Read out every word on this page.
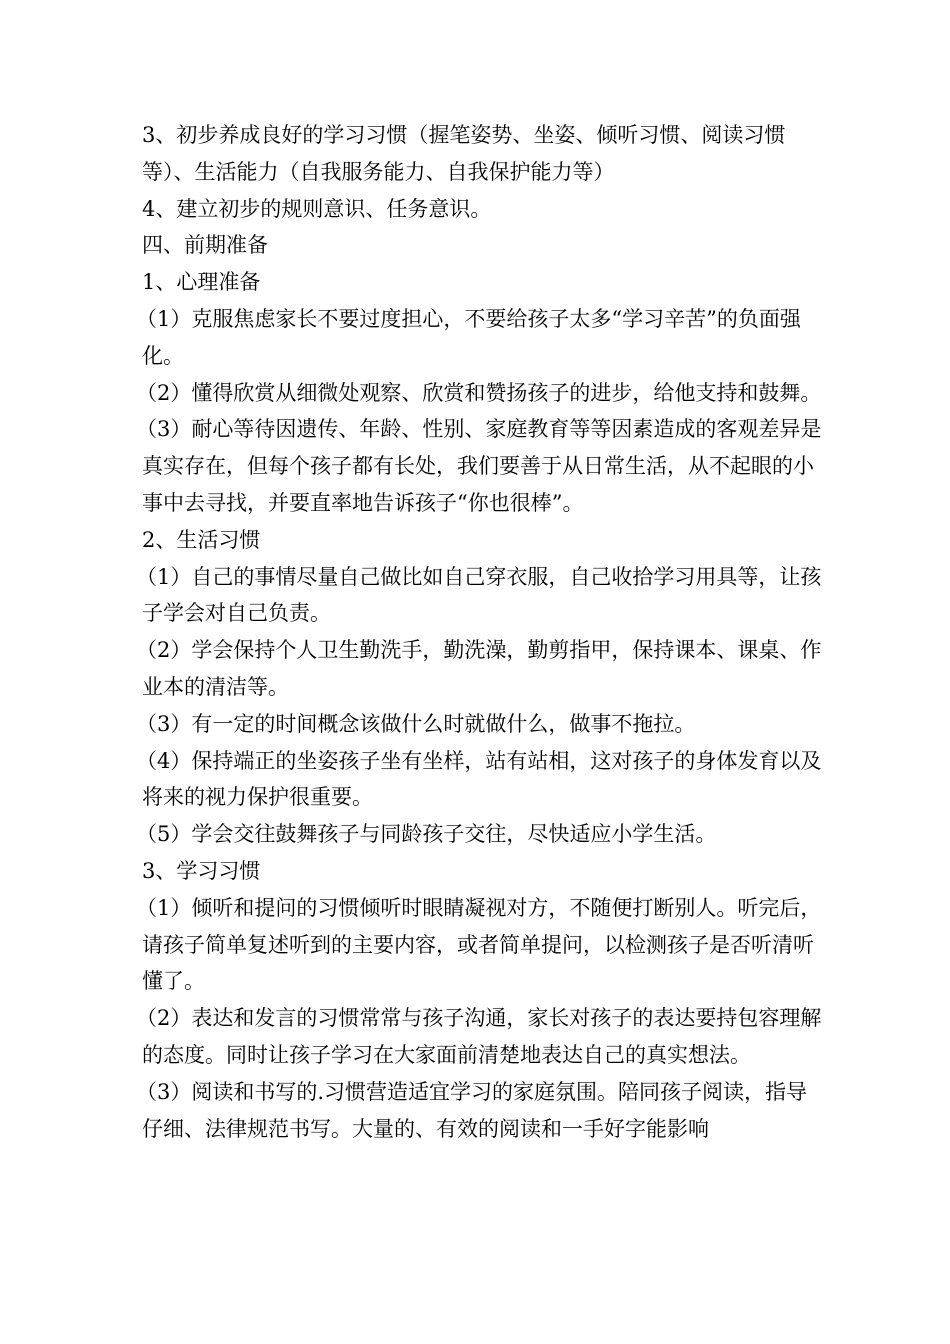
3、初步养成良好的学习习惯（握笔姿势、坐姿、倾听习惯、阅读习惯等）、生活能力（自我服务能力、自我保护能力等）

4、建立初步的规则意识、任务意识。

四、前期准备

1、心理准备

（1）克服焦虑家长不要过度担心，不要给孩子太多“学习辛苦”的负面强化。

（2）懂得欣赏从细微处观察、欣赏和赞扬孩子的进步，给他支持和鼓舞。

（3）耐心等待因遗传、年龄、性别、家庭教育等等因素造成的客观差异是真实存在，但每个孩子都有长处，我们要善于从日常生活，从不起眼的小事中去寻找，并要直率地告诉孩子“你也很棒”。

2、生活习惯

（1）自己的事情尽量自己做比如自己穿衣服，自己收拾学习用具等，让孩子学会对自己负责。

（2）学会保持个人卫生勤洗手，勤洗澡，勤剪指甲，保持课本、课桌、作业本的清洁等。

（3）有一定的时间概念该做什么时就做什么，做事不拖拉。

（4）保持端正的坐姿孩子坐有坐样，站有站相，这对孩子的身体发育以及将来的视力保护很重要。

（5）学会交往鼓舞孩子与同龄孩子交往，尽快适应小学生活。

3、学习习惯

（1）倾听和提问的习惯倾听时眼睛凝视对方，不随便打断别人。听完后，请孩子简单复述听到的主要内容，或者简单提问，以检测孩子是否听清听懂了。

（2）表达和发言的习惯常常与孩子沟通，家长对孩子的表达要持包容理解的态度。同时让孩子学习在大家面前清楚地表达自己的真实想法。

（3）阅读和书写的.习惯营造适宜学习的家庭氛围。陪同孩子阅读，指导仔细、法律规范书写。大量的、有效的阅读和一手好字能影响
